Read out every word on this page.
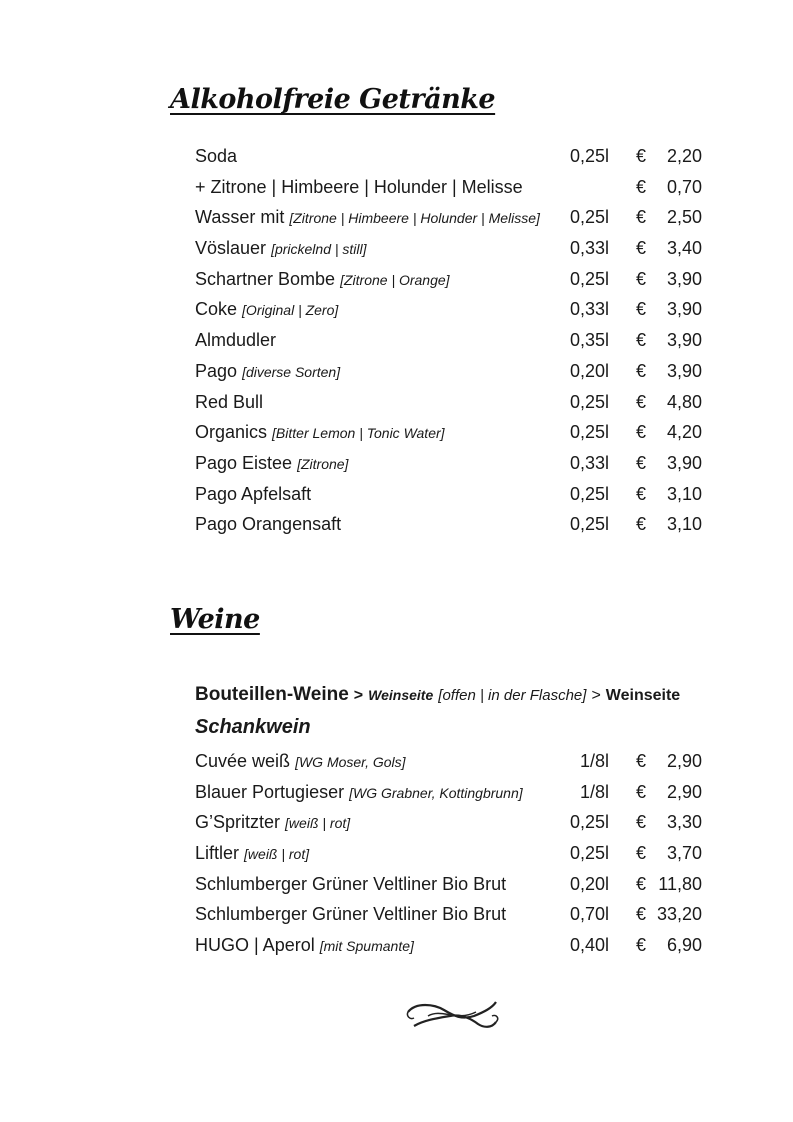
Alkoholfreie Getränke
Soda	0,25l € 2,20
+ Zitrone | Himbeere | Holunder | Melisse	€ 0,70
Wasser mit [Zitrone | Himbeere | Holunder | Melisse] 0,25l € 2,50
Vöslauer [prickelnd | still]	0,33l € 3,40
Schartner Bombe [Zitrone | Orange]	0,25l € 3,90
Coke [Original | Zero]	0,33l € 3,90
Almdudler	0,35l € 3,90
Pago [diverse Sorten]	0,20l € 3,90
Red Bull	0,25l € 4,80
Organics [Bitter Lemon | Tonic Water]	0,25l € 4,20
Pago Eistee [Zitrone]	0,33l € 3,90
Pago Apfelsaft	0,25l € 3,10
Pago Orangensaft	0,25l € 3,10
Weine
Bouteillen-Weine > Weinseite [offen | in der Flasche] > Weinseite
Schankwein
Cuvée weiß [WG Moser, Gols]	1/8l € 2,90
Blauer Portugieser [WG Grabner, Kottingbrunn]	1/8l € 2,90
G’Spritzter [weiß | rot]	0,25l € 3,30
Liftler [weiß | rot]	0,25l € 3,70
Schlumberger Grüner Veltliner Bio Brut	0,20l € 11,80
Schlumberger Grüner Veltliner Bio Brut	0,70l € 33,20
HUGO | Aperol [mit Spumante]	0,40l € 6,90
